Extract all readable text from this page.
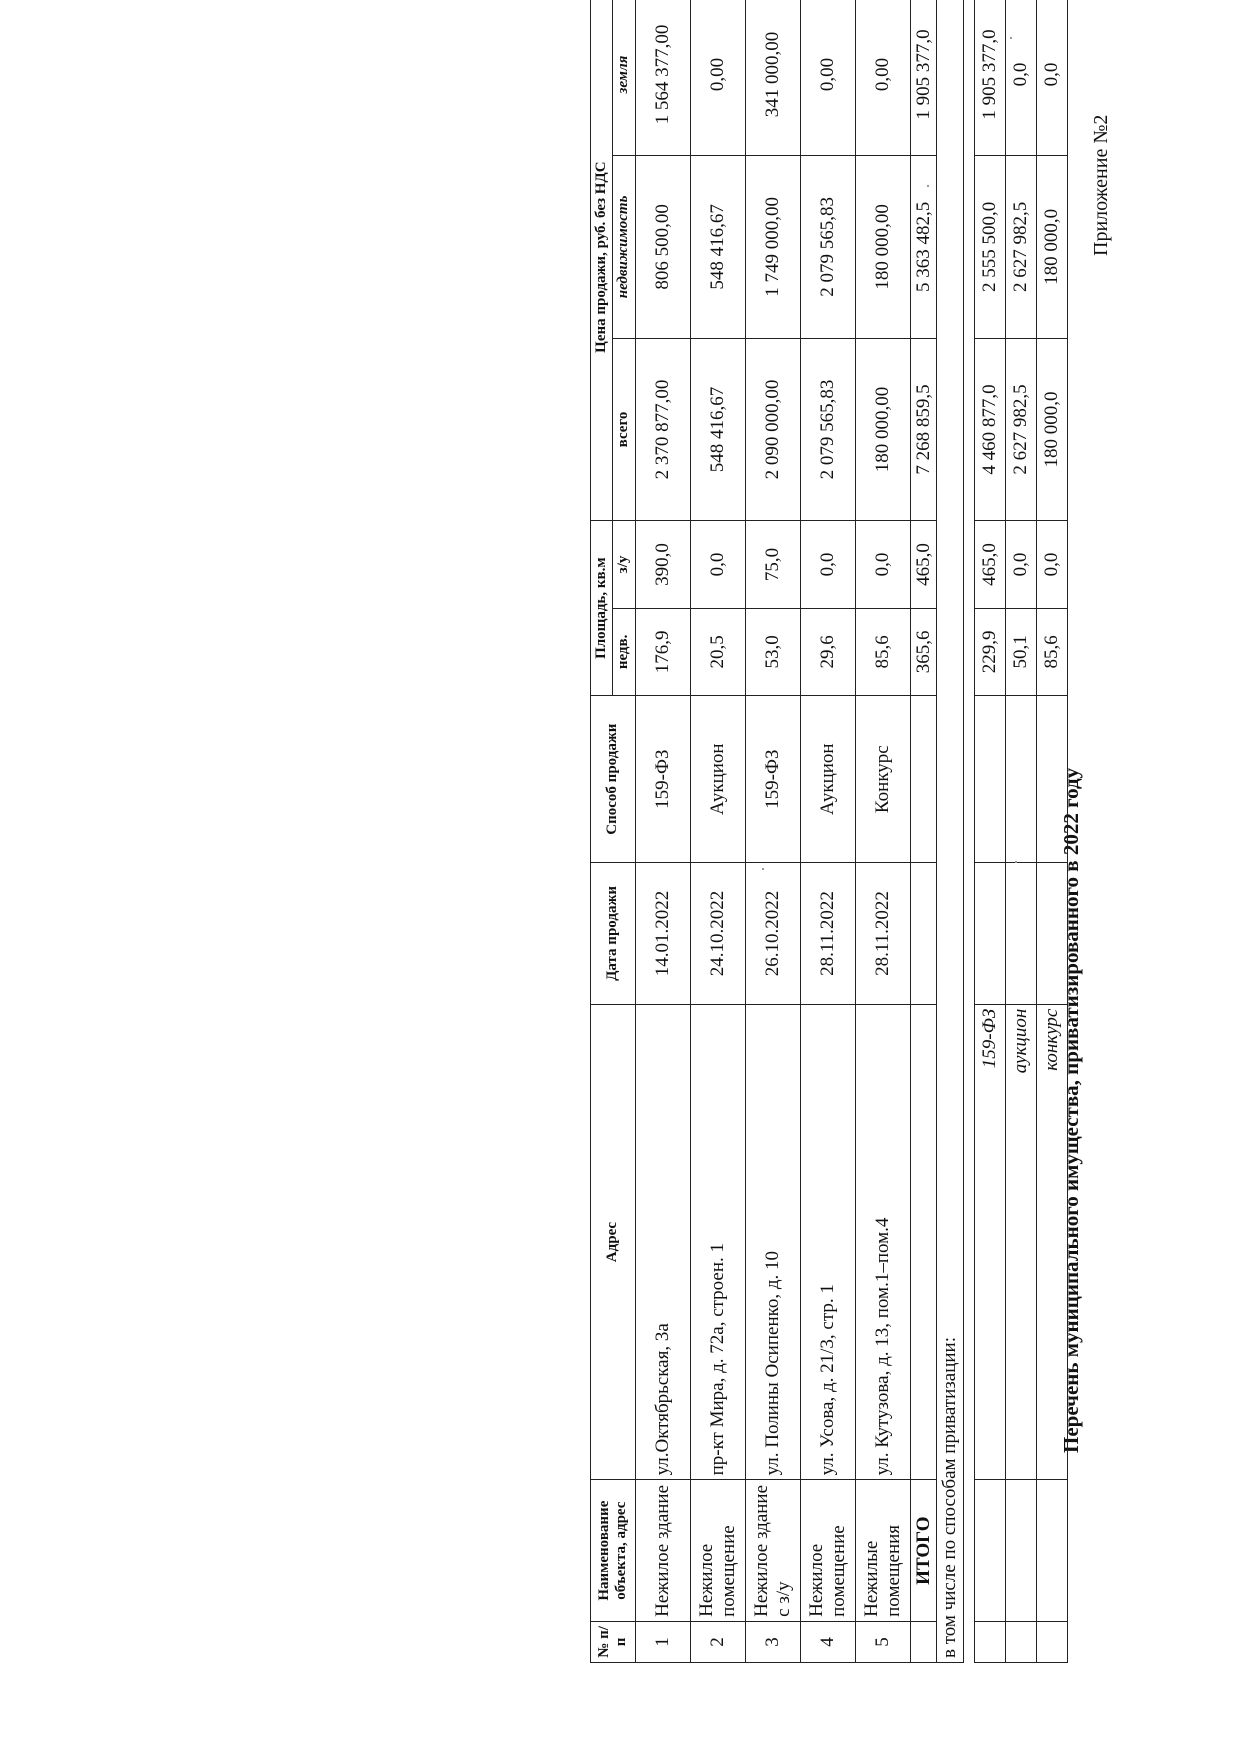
Приложение №2
Перечень муниципального имущества, приватизированного в 2022 году
№ п/п	Наименование объекта, адрес	Адрес	Дата продажи	Способ продажи	Площадь, кв.м		Цена продажи, руб. без НДС		
					недв.	з/у	всего	недвижимость	земля
1	Нежилое здание	ул.Октябрьская, 3а	14.01.2022	159-ФЗ	176,9	390,0	2 370 877,00	806 500,00	1 564 377,00
2	Нежилое помещение	пр-кт Мира, д. 72а, строен. 1	24.10.2022	Аукцион	20,5	0,0	548 416,67	548 416,67	0,00
3	Нежилое здание с з/у	ул. Полины Осипенко, д. 10	26.10.2022	159-ФЗ	53,0	75,0	2 090 000,00	1 749 000,00	341 000,00
4	Нежилое помещение	ул. Усова, д. 21/3, стр. 1	28.11.2022	Аукцион	29,6	0,0	2 079 565,83	2 079 565,83	0,00
5	Нежилые помещения	ул. Кутузова, д. 13, пом.1–пом.4	28.11.2022	Конкурс	85,6	0,0	180 000,00	180 000,00	0,00
	ИТОГО				365,6	465,0	7 268 859,5	5 363 482,5	1 905 377,0
в том числе по способам приватизации:									

		159-ФЗ			229,9	465,0	4 460 877,0	2 555 500,0	1 905 377,0
		аукцион			50,1	0,0	2 627 982,5	2 627 982,5	0,0
		конкурс			85,6	0,0	180 000,0	180 000,0	0,0
